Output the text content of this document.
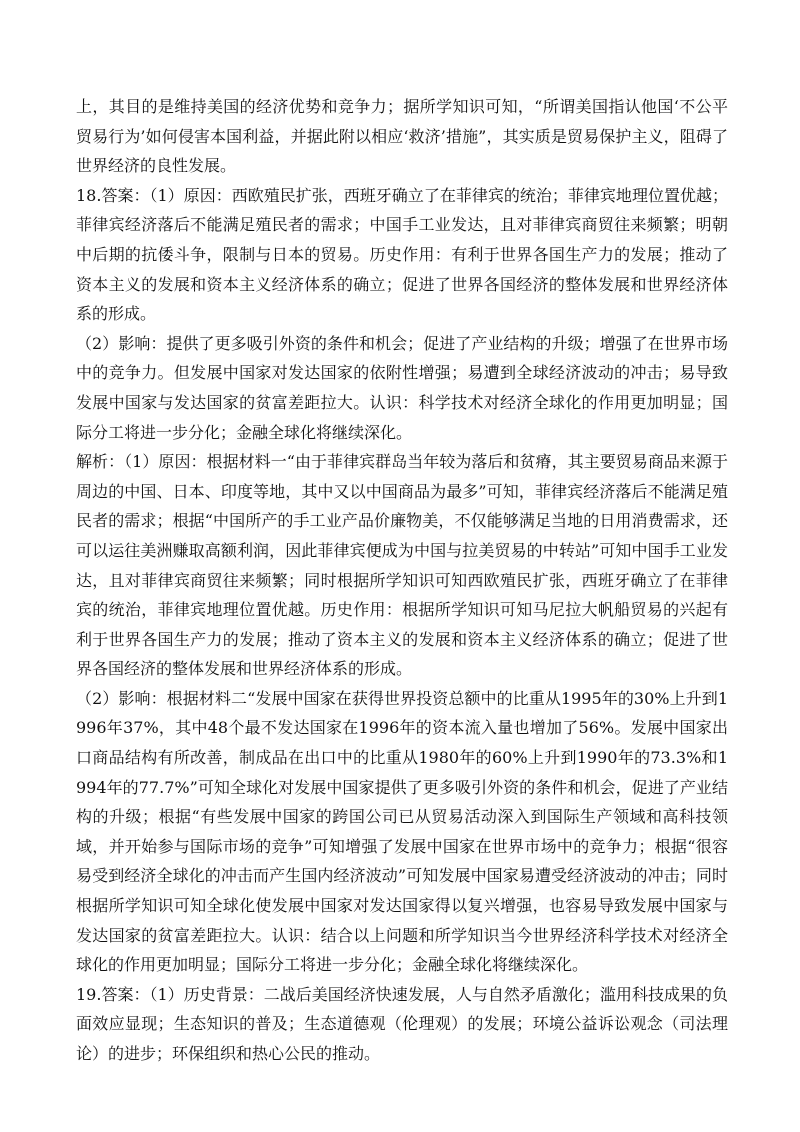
上，其目的是维持美国的经济优势和竞争力；据所学知识可知，“所谓美国指认他国‘不公平贸易行为’如何侵害本国利益，并据此附以相应‘救济’措施”，其实质是贸易保护主义，阻碍了世界经济的良性发展。

18.答案：（1）原因：西欧殖民扩张，西班牙确立了在菲律宾的统治；菲律宾地理位置优越；菲律宾经济落后不能满足殖民者的需求；中国手工业发达，且对菲律宾商贸往来频繁；明朝中后期的抗倭斗争，限制与日本的贸易。历史作用：有利于世界各国生产力的发展；推动了资本主义的发展和资本主义经济体系的确立；促进了世界各国经济的整体发展和世界经济体系的形成。

（2）影响：提供了更多吸引外资的条件和机会；促进了产业结构的升级；增强了在世界市场中的竞争力。但发展中国家对发达国家的依附性增强；易遭到全球经济波动的冲击；易导致发展中国家与发达国家的贫富差距拉大。认识：科学技术对经济全球化的作用更加明显；国际分工将进一步分化；金融全球化将继续深化。

解析：（1）原因：根据材料一“由于菲律宾群岛当年较为落后和贫瘠，其主要贸易商品来源于周边的中国、日本、印度等地，其中又以中国商品为最多”可知，菲律宾经济落后不能满足殖民者的需求；根据“中国所产的手工业产品价廉物美，不仅能够满足当地的日用消费需求，还可以运往美洲赚取高额利润，因此菲律宾便成为中国与拉美贸易的中转站”可知中国手工业发达，且对菲律宾商贸往来频繁；同时根据所学知识可知西欧殖民扩张，西班牙确立了在菲律宾的统治，菲律宾地理位置优越。历史作用：根据所学知识可知马尼拉大帆船贸易的兴起有利于世界各国生产力的发展；推动了资本主义的发展和资本主义经济体系的确立；促进了世界各国经济的整体发展和世界经济体系的形成。

（2）影响：根据材料二“发展中国家在获得世界投资总额中的比重从1995年的30%上升到1996年37%，其中48个最不发达国家在1996年的资本流入量也增加了56%。发展中国家出口商品结构有所改善，制成品在出口中的比重从1980年的60%上升到1990年的73.3%和1994年的77.7%”可知全球化对发展中国家提供了更多吸引外资的条件和机会，促进了产业结构的升级；根据“有些发展中国家的跨国公司已从贸易活动深入到国际生产领域和高科技领域，并开始参与国际市场的竞争”可知增强了发展中国家在世界市场中的竞争力；根据“很容易受到经济全球化的冲击而产生国内经济波动”可知发展中国家易遭受经济波动的冲击；同时根据所学知识可知全球化使发展中国家对发达国家得以复兴增强，也容易导致发展中国家与发达国家的贫富差距拉大。认识：结合以上问题和所学知识当今世界经济科学技术对经济全球化的作用更加明显；国际分工将进一步分化；金融全球化将继续深化。

19.答案：（1）历史背景：二战后美国经济快速发展，人与自然矛盾激化；滥用科技成果的负面效应显现；生态知识的普及；生态道德观（伦理观）的发展；环境公益诉讼观念（司法理论）的进步；环保组织和热心公民的推动。
